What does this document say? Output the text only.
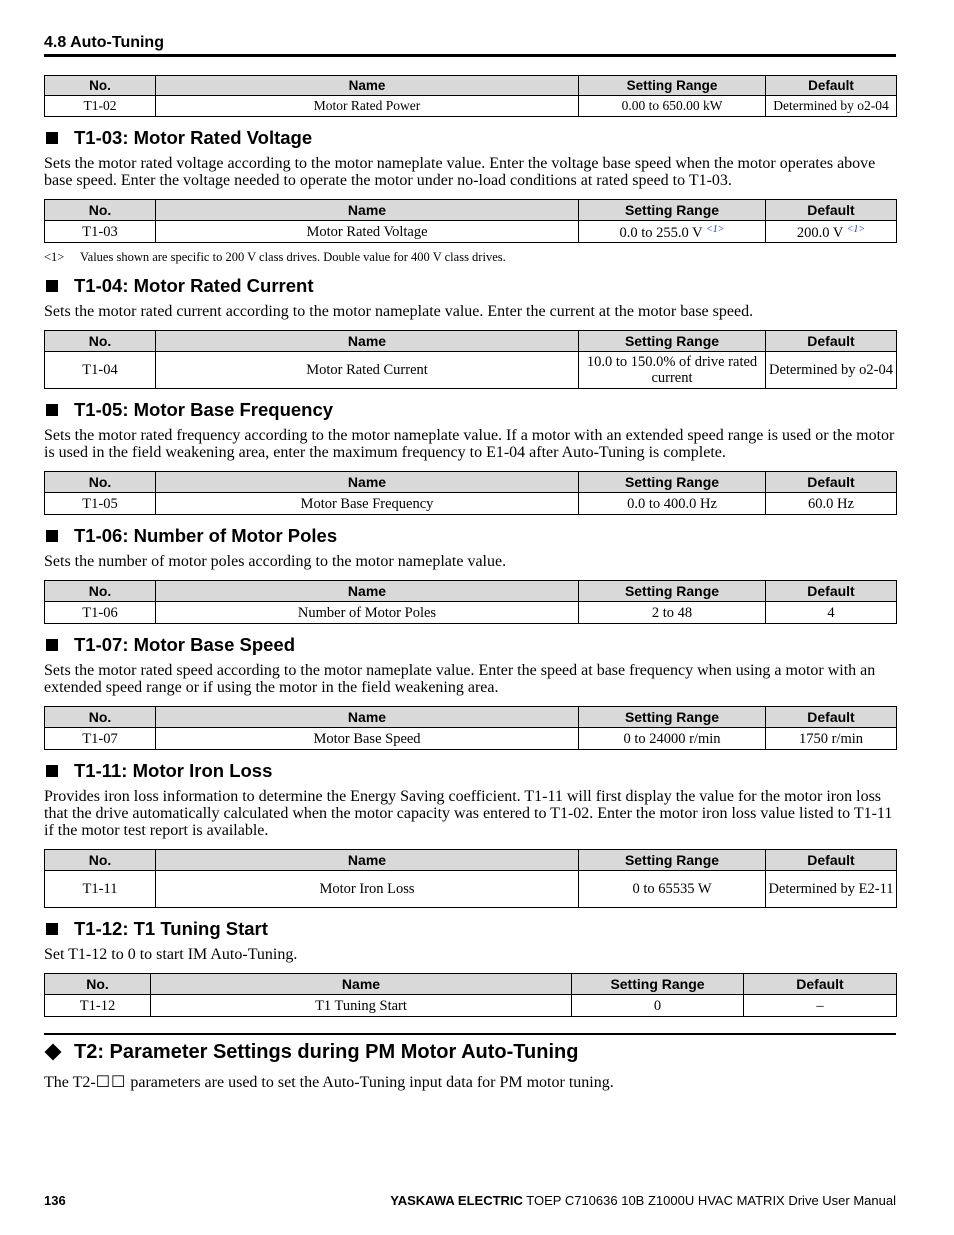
4.8 Auto-Tuning
No.	Name	Setting Range	Default
T1-02	Motor Rated Power	0.00 to 650.00 kW	Determined by o2-04
T1-03: Motor Rated Voltage
Sets the motor rated voltage according to the motor nameplate value. Enter the voltage base speed when the motor operates above base speed. Enter the voltage needed to operate the motor under no-load conditions at rated speed to T1-03.
No.	Name	Setting Range	Default
T1-03	Motor Rated Voltage	0.0 to 255.0 V $^{<1>}$	200.0 V $^{<1>}$
<1> Values shown are specific to 200 V class drives. Double value for 400 V class drives.
T1-04: Motor Rated Current
Sets the motor rated current according to the motor nameplate value. Enter the current at the motor base speed.
No.	Name	Setting Range	Default
T1-04	Motor Rated Current	10.0 to 150.0% of drive rated current	Determined by o2-04
T1-05: Motor Base Frequency
Sets the motor rated frequency according to the motor nameplate value. If a motor with an extended speed range is used or the motor is used in the field weakening area, enter the maximum frequency to E1-04 after Auto-Tuning is complete.
No.	Name	Setting Range	Default
T1-05	Motor Base Frequency	0.0 to 400.0 Hz	60.0 Hz
T1-06: Number of Motor Poles
Sets the number of motor poles according to the motor nameplate value.
No.	Name	Setting Range	Default
T1-06	Number of Motor Poles	2 to 48	4
T1-07: Motor Base Speed
Sets the motor rated speed according to the motor nameplate value. Enter the speed at base frequency when using a motor with an extended speed range or if using the motor in the field weakening area.
No.	Name	Setting Range	Default
T1-07	Motor Base Speed	0 to 24000 r/min	1750 r/min
T1-11: Motor Iron Loss
Provides iron loss information to determine the Energy Saving coefficient. T1-11 will first display the value for the motor iron loss that the drive automatically calculated when the motor capacity was entered to T1-02. Enter the motor iron loss value listed to T1-11 if the motor test report is available.
No.	Name	Setting Range	Default
T1-11	Motor Iron Loss	0 to 65535 W	Determined by E2-11
T1-12: T1 Tuning Start
Set T1-12 to 0 to start IM Auto-Tuning.
No.	Name	Setting Range	Default
T1-12	T1 Tuning Start	0	–
T2: Parameter Settings during PM Motor Auto-Tuning
The T2-☐☐ parameters are used to set the Auto-Tuning input data for PM motor tuning.
136	YASKAWA ELECTRIC TOEP C710636 10B Z1000U HVAC MATRIX Drive User Manual
